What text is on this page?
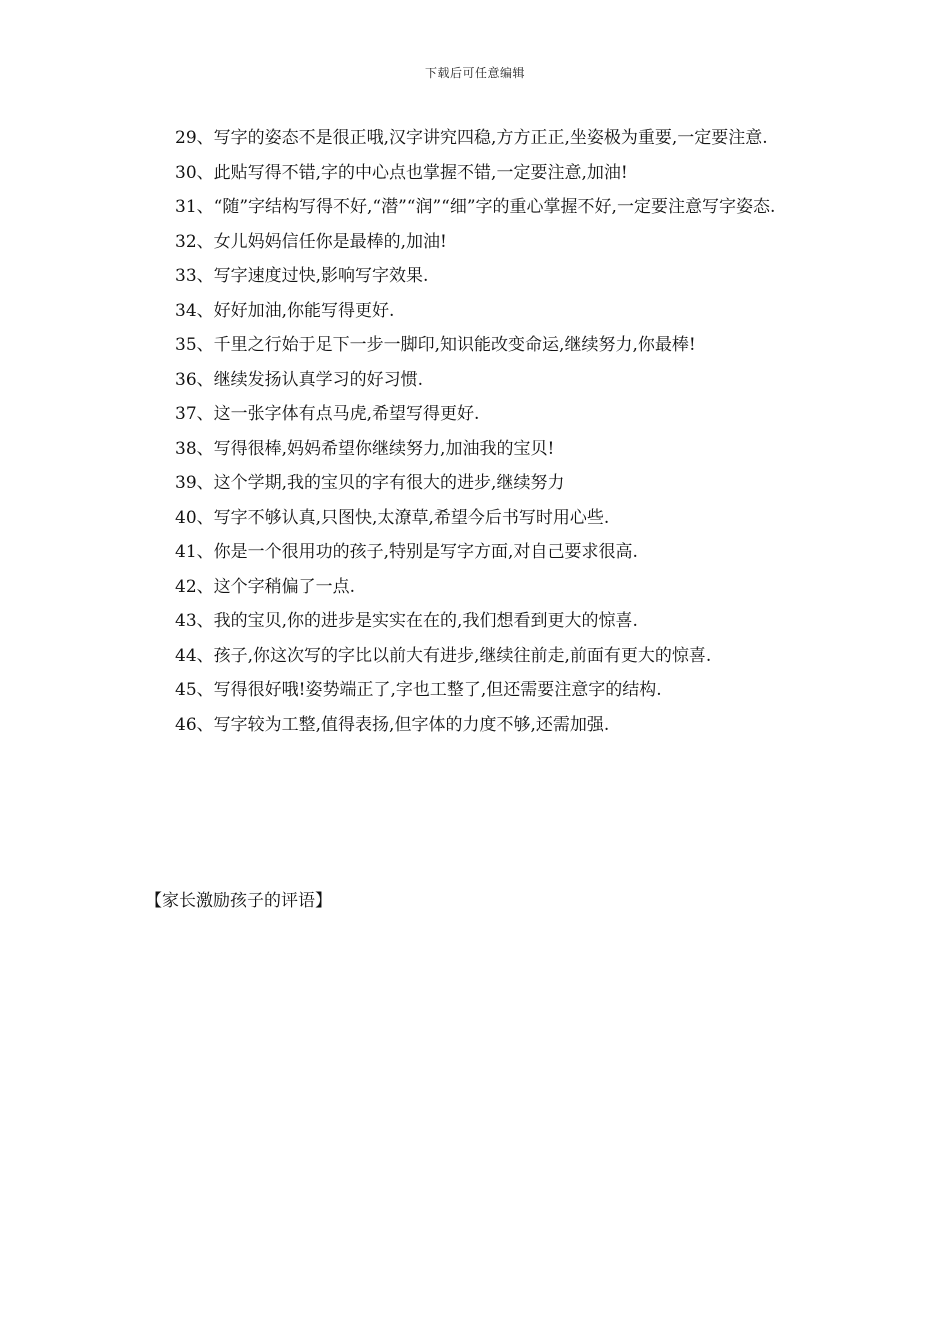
下载后可任意编辑

29、写字的姿态不是很正哦,汉字讲究四稳,方方正正,坐姿极为重要,一定要注意.

30、此贴写得不错,字的中心点也掌握不错,一定要注意,加油!

31、“随”字结构写得不好,“潜”“润”“细”字的重心掌握不好,一定要注意写字姿态.

32、女儿妈妈信任你是最棒的,加油!

33、写字速度过快,影响写字效果.

34、好好加油,你能写得更好.

35、千里之行始于足下一步一脚印,知识能改变命运,继续努力,你最棒!

36、继续发扬认真学习的好习惯.

37、这一张字体有点马虎,希望写得更好.

38、写得很棒,妈妈希望你继续努力,加油我的宝贝!

39、这个学期,我的宝贝的字有很大的进步,继续努力

40、写字不够认真,只图快,太潦草,希望今后书写时用心些.

41、你是一个很用功的孩子,特别是写字方面,对自己要求很高.

42、这个字稍偏了一点.

43、我的宝贝,你的进步是实实在在的,我们想看到更大的惊喜.

44、孩子,你这次写的字比以前大有进步,继续往前走,前面有更大的惊喜.

45、写得很好哦!姿势端正了,字也工整了,但还需要注意字的结构.

46、写字较为工整,值得表扬,但字体的力度不够,还需加强.

【家长激励孩子的评语】
